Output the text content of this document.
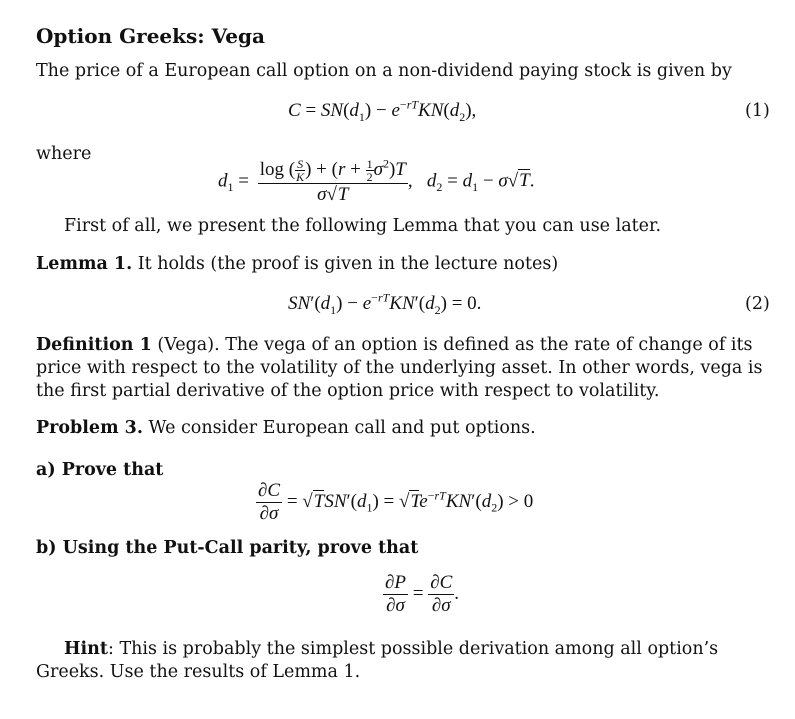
Option Greeks: Vega
The price of a European call option on a non-dividend paying stock is given by
$C = SN(d_1) - e^{-rT}KN(d_2)$,	(1)
where
$d_1 = \frac{\log ( \frac{S}{K} ) + (r + \frac{1}{2} \sigma^2)T}{\sigma√T}$ ,   $d_2 = d_1 - \sigma√T$.
First of all, we present the following Lemma that you can use later.
Lemma 1. It holds (the proof is given in the lecture notes)
$SN'(d_1) - e^{-rT}KN'(d_2) = 0$.	(2)
Definition 1 (Vega). The vega of an option is defined as the rate of change of its price with respect to the volatility of the underlying asset. In other words, vega is the first partial derivative of the option price with respect to volatility.
Problem 3. We consider European call and put options.
a) Prove that
$\frac{\partial C}{\partial\sigma} = √TSN'(d_1) = √Te^{-rT}KN'(d_2) > 0$
b) Using the Put-Call parity, prove that
$\frac{\partial P}{\partial\sigma} = \frac{\partial C}{\partial\sigma}$ .
Hint: This is probably the simplest possible derivation among all option’s Greeks. Use the results of Lemma 1.
